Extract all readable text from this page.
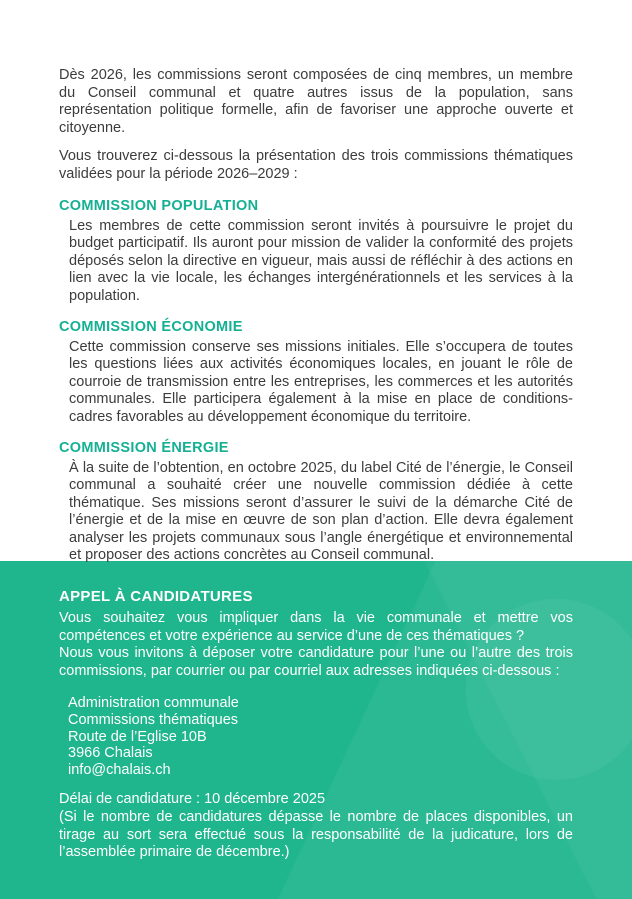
Dès 2026, les commissions seront composées de cinq membres, un membre du Conseil communal et quatre autres issus de la population, sans représentation politique formelle, afin de favoriser une approche ouverte et citoyenne.

Vous trouverez ci-dessous la présentation des trois commissions thématiques validées pour la période 2026–2029 :

COMMISSION POPULATION

Les membres de cette commission seront invités à poursuivre le projet du budget participatif. Ils auront pour mission de valider la conformité des projets déposés selon la directive en vigueur, mais aussi de réfléchir à des actions en lien avec la vie locale, les échanges intergénérationnels et les services à la population.

COMMISSION ÉCONOMIE

Cette commission conserve ses missions initiales. Elle s’occupera de toutes les questions liées aux activités économiques locales, en jouant le rôle de courroie de transmission entre les entreprises, les commerces et les autorités communales. Elle participera également à la mise en place de conditions-cadres favorables au développement économique du territoire.

COMMISSION ÉNERGIE

À la suite de l’obtention, en octobre 2025, du label Cité de l’énergie, le Conseil communal a souhaité créer une nouvelle commission dédiée à cette thématique. Ses missions seront d’assurer le suivi de la démarche Cité de l’énergie et de la mise en œuvre de son plan d’action. Elle devra également analyser les projets communaux sous l’angle énergétique et environnemental et proposer des actions concrètes au Conseil communal.

APPEL À CANDIDATURES

Vous souhaitez vous impliquer dans la vie communale et mettre vos compétences et votre expérience au service d’une de ces thématiques ?

Nous vous invitons à déposer votre candidature pour l’une ou l’autre des trois commissions, par courrier ou par courriel aux adresses indiquées ci-dessous :

Administration communale
Commissions thématiques
Route de l’Eglise 10B
3966 Chalais
info@chalais.ch

Délai de candidature : 10 décembre 2025

(Si le nombre de candidatures dépasse le nombre de places disponibles, un tirage au sort sera effectué sous la responsabilité de la judicature, lors de l’assemblée primaire de décembre.)
